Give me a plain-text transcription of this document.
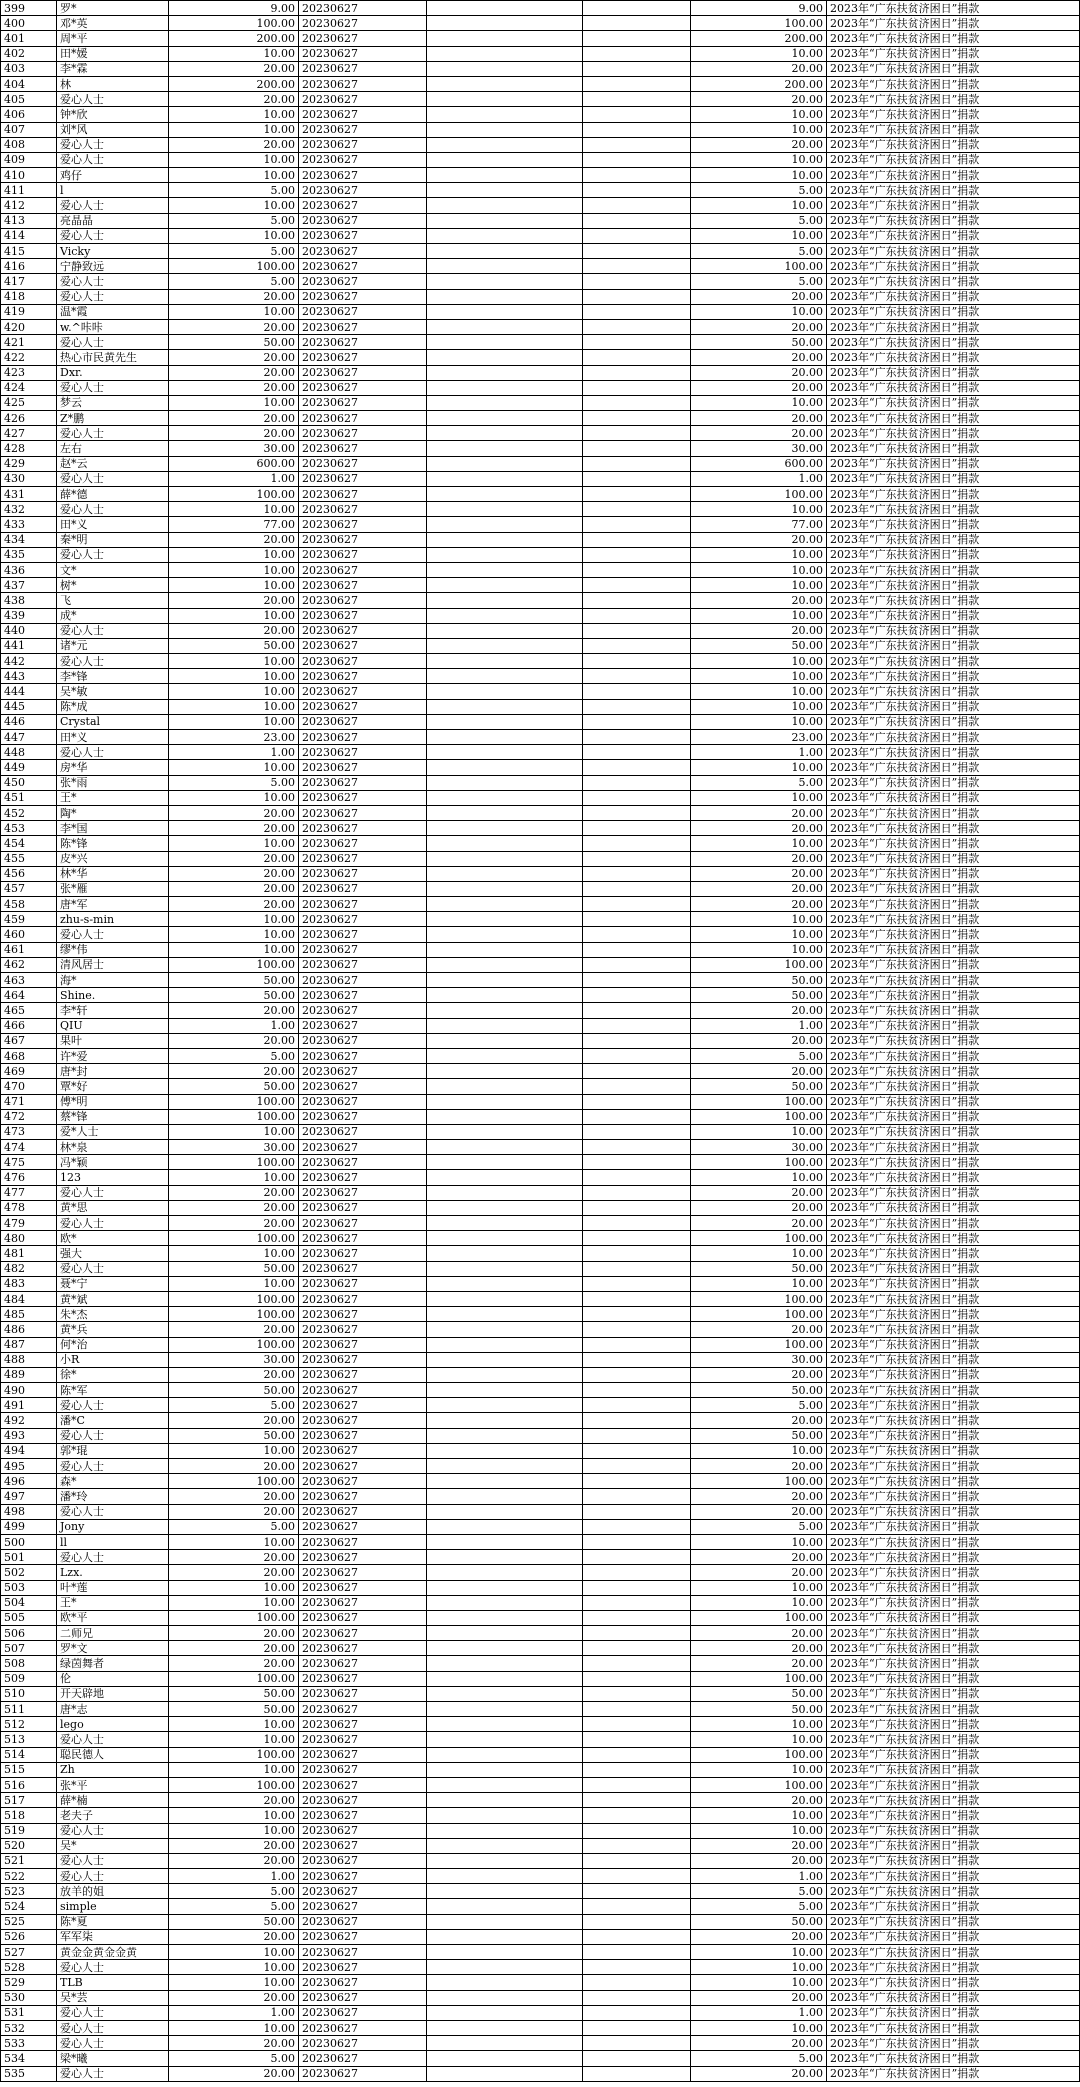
399	罗*	9.00	20230627			9.00	2023年“广东扶贫济困日”捐款
400	邓*英	100.00	20230627			100.00	2023年“广东扶贫济困日”捐款
401	周*平	200.00	20230627			200.00	2023年“广东扶贫济困日”捐款
402	田*媛	10.00	20230627			10.00	2023年“广东扶贫济困日”捐款
403	李*霖	20.00	20230627			20.00	2023年“广东扶贫济困日”捐款
404	林	200.00	20230627			200.00	2023年“广东扶贫济困日”捐款
405	爱心人士	20.00	20230627			20.00	2023年“广东扶贫济困日”捐款
406	钟*欣	10.00	20230627			10.00	2023年“广东扶贫济困日”捐款
407	刘*风	10.00	20230627			10.00	2023年“广东扶贫济困日”捐款
408	爱心人士	20.00	20230627			20.00	2023年“广东扶贫济困日”捐款
409	爱心人士	10.00	20230627			10.00	2023年“广东扶贫济困日”捐款
410	鸡仔	10.00	20230627			10.00	2023年“广东扶贫济困日”捐款
411	l	5.00	20230627			5.00	2023年“广东扶贫济困日”捐款
412	爱心人士	10.00	20230627			10.00	2023年“广东扶贫济困日”捐款
413	亮晶晶	5.00	20230627			5.00	2023年“广东扶贫济困日”捐款
414	爱心人士	10.00	20230627			10.00	2023年“广东扶贫济困日”捐款
415	Vicky	5.00	20230627			5.00	2023年“广东扶贫济困日”捐款
416	宁静致远	100.00	20230627			100.00	2023年“广东扶贫济困日”捐款
417	爱心人士	5.00	20230627			5.00	2023年“广东扶贫济困日”捐款
418	爱心人士	20.00	20230627			20.00	2023年“广东扶贫济困日”捐款
419	温*霞	10.00	20230627			10.00	2023年“广东扶贫济困日”捐款
420	w.^咔咔	20.00	20230627			20.00	2023年“广东扶贫济困日”捐款
421	爱心人士	50.00	20230627			50.00	2023年“广东扶贫济困日”捐款
422	热心市民黄先生	20.00	20230627			20.00	2023年“广东扶贫济困日”捐款
423	Dxr.	20.00	20230627			20.00	2023年“广东扶贫济困日”捐款
424	爱心人士	20.00	20230627			20.00	2023年“广东扶贫济困日”捐款
425	梦云	10.00	20230627			10.00	2023年“广东扶贫济困日”捐款
426	Z*鹏	20.00	20230627			20.00	2023年“广东扶贫济困日”捐款
427	爱心人士	20.00	20230627			20.00	2023年“广东扶贫济困日”捐款
428	左右	30.00	20230627			30.00	2023年“广东扶贫济困日”捐款
429	赵*云	600.00	20230627			600.00	2023年“广东扶贫济困日”捐款
430	爱心人士	1.00	20230627			1.00	2023年“广东扶贫济困日”捐款
431	薛*德	100.00	20230627			100.00	2023年“广东扶贫济困日”捐款
432	爱心人士	10.00	20230627			10.00	2023年“广东扶贫济困日”捐款
433	田*义	77.00	20230627			77.00	2023年“广东扶贫济困日”捐款
434	秦*明	20.00	20230627			20.00	2023年“广东扶贫济困日”捐款
435	爱心人士	10.00	20230627			10.00	2023年“广东扶贫济困日”捐款
436	文*	10.00	20230627			10.00	2023年“广东扶贫济困日”捐款
437	树*	10.00	20230627			10.00	2023年“广东扶贫济困日”捐款
438	飞	20.00	20230627			20.00	2023年“广东扶贫济困日”捐款
439	成*	10.00	20230627			10.00	2023年“广东扶贫济困日”捐款
440	爱心人士	20.00	20230627			20.00	2023年“广东扶贫济困日”捐款
441	诸*元	50.00	20230627			50.00	2023年“广东扶贫济困日”捐款
442	爱心人士	10.00	20230627			10.00	2023年“广东扶贫济困日”捐款
443	李*锋	10.00	20230627			10.00	2023年“广东扶贫济困日”捐款
444	吴*敏	10.00	20230627			10.00	2023年“广东扶贫济困日”捐款
445	陈*成	10.00	20230627			10.00	2023年“广东扶贫济困日”捐款
446	Crystal	10.00	20230627			10.00	2023年“广东扶贫济困日”捐款
447	田*义	23.00	20230627			23.00	2023年“广东扶贫济困日”捐款
448	爱心人士	1.00	20230627			1.00	2023年“广东扶贫济困日”捐款
449	房*华	10.00	20230627			10.00	2023年“广东扶贫济困日”捐款
450	张*雨	5.00	20230627			5.00	2023年“广东扶贫济困日”捐款
451	王*	10.00	20230627			10.00	2023年“广东扶贫济困日”捐款
452	陶*	20.00	20230627			20.00	2023年“广东扶贫济困日”捐款
453	李*国	20.00	20230627			20.00	2023年“广东扶贫济困日”捐款
454	陈*锋	10.00	20230627			10.00	2023年“广东扶贫济困日”捐款
455	皮*兴	20.00	20230627			20.00	2023年“广东扶贫济困日”捐款
456	林*华	20.00	20230627			20.00	2023年“广东扶贫济困日”捐款
457	张*雁	20.00	20230627			20.00	2023年“广东扶贫济困日”捐款
458	唐*军	20.00	20230627			20.00	2023年“广东扶贫济困日”捐款
459	zhu-s-min	10.00	20230627			10.00	2023年“广东扶贫济困日”捐款
460	爱心人士	10.00	20230627			10.00	2023年“广东扶贫济困日”捐款
461	缪*伟	10.00	20230627			10.00	2023年“广东扶贫济困日”捐款
462	清风居士	100.00	20230627			100.00	2023年“广东扶贫济困日”捐款
463	海*	50.00	20230627			50.00	2023年“广东扶贫济困日”捐款
464	Shine.	50.00	20230627			50.00	2023年“广东扶贫济困日”捐款
465	李*轩	20.00	20230627			20.00	2023年“广东扶贫济困日”捐款
466	QIU	1.00	20230627			1.00	2023年“广东扶贫济困日”捐款
467	果叶	20.00	20230627			20.00	2023年“广东扶贫济困日”捐款
468	许*爱	5.00	20230627			5.00	2023年“广东扶贫济困日”捐款
469	唐*封	20.00	20230627			20.00	2023年“广东扶贫济困日”捐款
470	覃*好	50.00	20230627			50.00	2023年“广东扶贫济困日”捐款
471	傅*明	100.00	20230627			100.00	2023年“广东扶贫济困日”捐款
472	蔡*锋	100.00	20230627			100.00	2023年“广东扶贫济困日”捐款
473	爱*人士	10.00	20230627			10.00	2023年“广东扶贫济困日”捐款
474	林*泉	30.00	20230627			30.00	2023年“广东扶贫济困日”捐款
475	冯*颖	100.00	20230627			100.00	2023年“广东扶贫济困日”捐款
476	123	10.00	20230627			10.00	2023年“广东扶贫济困日”捐款
477	爱心人士	20.00	20230627			20.00	2023年“广东扶贫济困日”捐款
478	黄*思	20.00	20230627			20.00	2023年“广东扶贫济困日”捐款
479	爱心人士	20.00	20230627			20.00	2023年“广东扶贫济困日”捐款
480	欧*	100.00	20230627			100.00	2023年“广东扶贫济困日”捐款
481	强大	10.00	20230627			10.00	2023年“广东扶贫济困日”捐款
482	爱心人士	50.00	20230627			50.00	2023年“广东扶贫济困日”捐款
483	聂*宁	10.00	20230627			10.00	2023年“广东扶贫济困日”捐款
484	黄*斌	100.00	20230627			100.00	2023年“广东扶贫济困日”捐款
485	朱*杰	100.00	20230627			100.00	2023年“广东扶贫济困日”捐款
486	黄*兵	20.00	20230627			20.00	2023年“广东扶贫济困日”捐款
487	何*治	100.00	20230627			100.00	2023年“广东扶贫济困日”捐款
488	小R	30.00	20230627			30.00	2023年“广东扶贫济困日”捐款
489	徐*	20.00	20230627			20.00	2023年“广东扶贫济困日”捐款
490	陈*军	50.00	20230627			50.00	2023年“广东扶贫济困日”捐款
491	爱心人士	5.00	20230627			5.00	2023年“广东扶贫济困日”捐款
492	潘*C	20.00	20230627			20.00	2023年“广东扶贫济困日”捐款
493	爱心人士	50.00	20230627			50.00	2023年“广东扶贫济困日”捐款
494	郭*琨	10.00	20230627			10.00	2023年“广东扶贫济困日”捐款
495	爱心人士	20.00	20230627			20.00	2023年“广东扶贫济困日”捐款
496	森*	100.00	20230627			100.00	2023年“广东扶贫济困日”捐款
497	潘*玲	20.00	20230627			20.00	2023年“广东扶贫济困日”捐款
498	爱心人士	20.00	20230627			20.00	2023年“广东扶贫济困日”捐款
499	Jony	5.00	20230627			5.00	2023年“广东扶贫济困日”捐款
500	ll	10.00	20230627			10.00	2023年“广东扶贫济困日”捐款
501	爱心人士	20.00	20230627			20.00	2023年“广东扶贫济困日”捐款
502	Lzx.	20.00	20230627			20.00	2023年“广东扶贫济困日”捐款
503	叶*莲	10.00	20230627			10.00	2023年“广东扶贫济困日”捐款
504	王*	10.00	20230627			10.00	2023年“广东扶贫济困日”捐款
505	欧*平	100.00	20230627			100.00	2023年“广东扶贫济困日”捐款
506	二师兄	20.00	20230627			20.00	2023年“广东扶贫济困日”捐款
507	罗*文	20.00	20230627			20.00	2023年“广东扶贫济困日”捐款
508	绿茵舞者	20.00	20230627			20.00	2023年“广东扶贫济困日”捐款
509	伦	100.00	20230627			100.00	2023年“广东扶贫济困日”捐款
510	开天辟地	50.00	20230627			50.00	2023年“广东扶贫济困日”捐款
511	唐*志	50.00	20230627			50.00	2023年“广东扶贫济困日”捐款
512	lego	10.00	20230627			10.00	2023年“广东扶贫济困日”捐款
513	爱心人士	10.00	20230627			10.00	2023年“广东扶贫济困日”捐款
514	聪民德人	100.00	20230627			100.00	2023年“广东扶贫济困日”捐款
515	Zh	10.00	20230627			10.00	2023年“广东扶贫济困日”捐款
516	张*平	100.00	20230627			100.00	2023年“广东扶贫济困日”捐款
517	薛*楠	20.00	20230627			20.00	2023年“广东扶贫济困日”捐款
518	老夫子	10.00	20230627			10.00	2023年“广东扶贫济困日”捐款
519	爱心人士	10.00	20230627			10.00	2023年“广东扶贫济困日”捐款
520	吴*	20.00	20230627			20.00	2023年“广东扶贫济困日”捐款
521	爱心人士	20.00	20230627			20.00	2023年“广东扶贫济困日”捐款
522	爱心人士	1.00	20230627			1.00	2023年“广东扶贫济困日”捐款
523	放羊的姐	5.00	20230627			5.00	2023年“广东扶贫济困日”捐款
524	simple	5.00	20230627			5.00	2023年“广东扶贫济困日”捐款
525	陈*夏	50.00	20230627			50.00	2023年“广东扶贫济困日”捐款
526	军军柒	20.00	20230627			20.00	2023年“广东扶贫济困日”捐款
527	黄金金黄金金黄	10.00	20230627			10.00	2023年“广东扶贫济困日”捐款
528	爱心人士	10.00	20230627			10.00	2023年“广东扶贫济困日”捐款
529	TLB	10.00	20230627			10.00	2023年“广东扶贫济困日”捐款
530	吴*芸	20.00	20230627			20.00	2023年“广东扶贫济困日”捐款
531	爱心人士	1.00	20230627			1.00	2023年“广东扶贫济困日”捐款
532	爱心人士	10.00	20230627			10.00	2023年“广东扶贫济困日”捐款
533	爱心人士	20.00	20230627			20.00	2023年“广东扶贫济困日”捐款
534	梁*曦	5.00	20230627			5.00	2023年“广东扶贫济困日”捐款
535	爱心人士	20.00	20230627			20.00	2023年“广东扶贫济困日”捐款
